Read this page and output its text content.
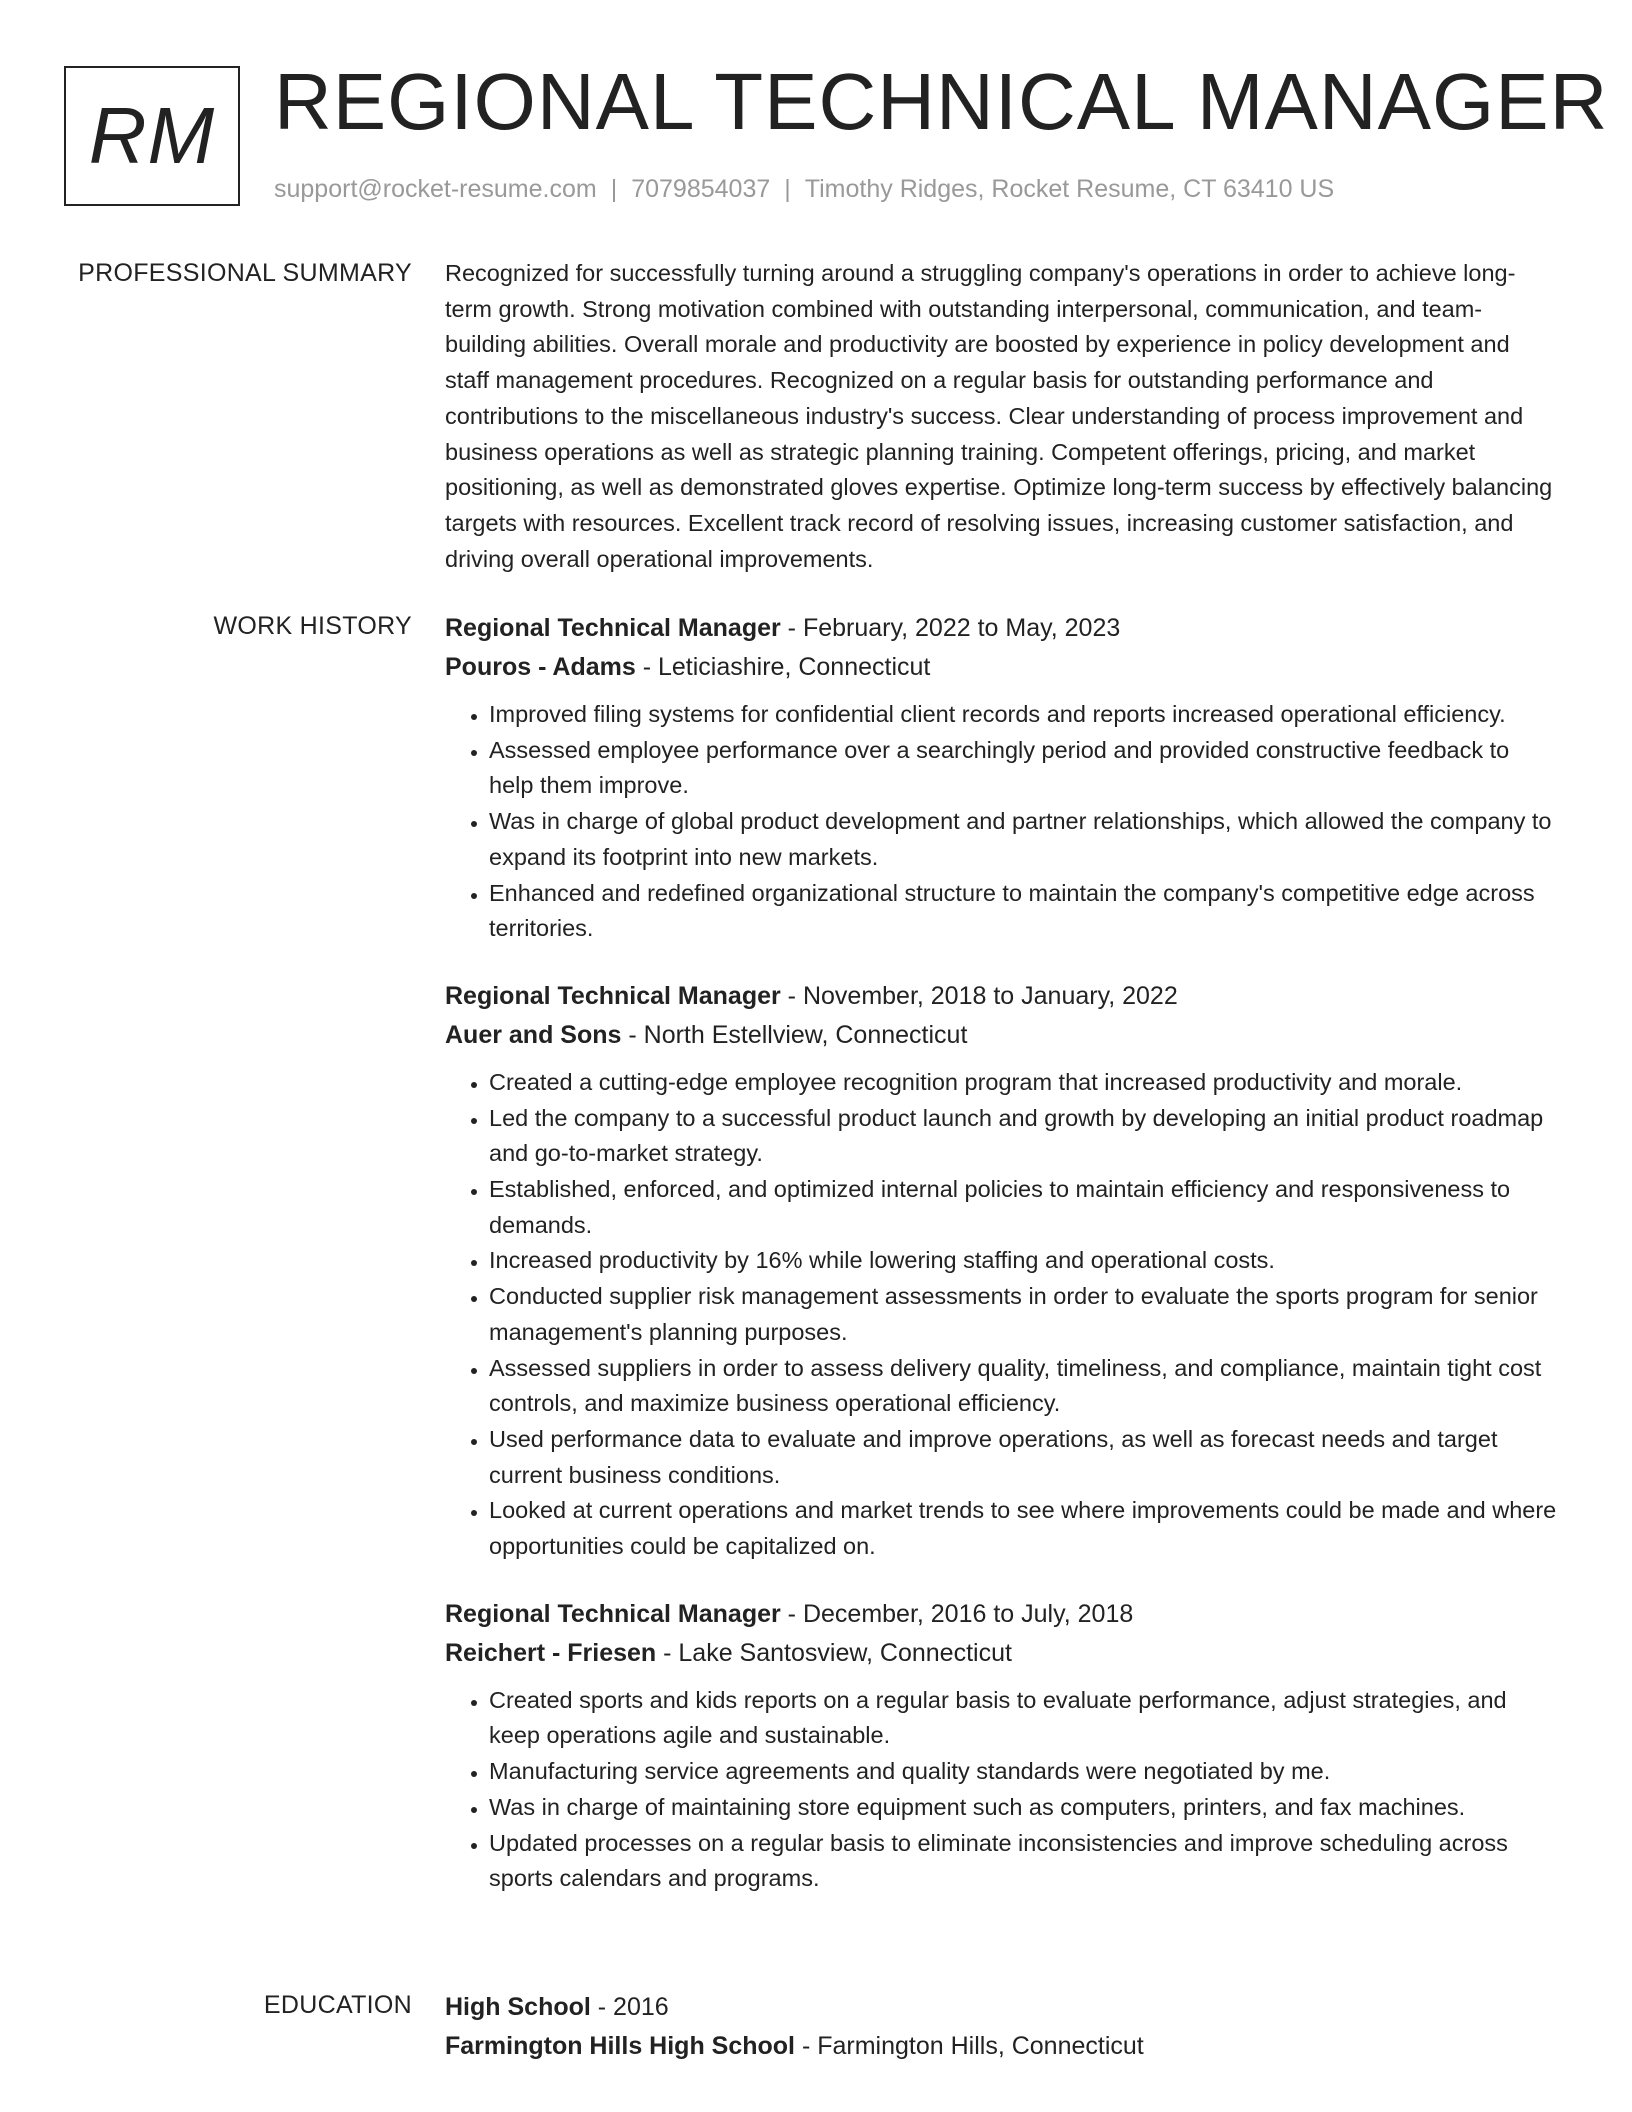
RM REGIONAL TECHNICAL MANAGER
support@rocket-resume.com | 7079854037 | Timothy Ridges, Rocket Resume, CT 63410 US
PROFESSIONAL SUMMARY Recognized for successfully turning around a struggling company's operations in order to achieve long-term growth. Strong motivation combined with outstanding interpersonal, communication, and team-building abilities. Overall morale and productivity are boosted by experience in policy development and staff management procedures. Recognized on a regular basis for outstanding performance and contributions to the miscellaneous industry's success. Clear understanding of process improvement and business operations as well as strategic planning training. Competent offerings, pricing, and market positioning, as well as demonstrated gloves expertise. Optimize long-term success by effectively balancing targets with resources. Excellent track record of resolving issues, increasing customer satisfaction, and driving overall operational improvements.

WORK HISTORY Regional Technical Manager - February, 2022 to May, 2023
Pouros - Adams - Leticiashire, Connecticut
• Improved filing systems for confidential client records and reports increased operational efficiency.
• Assessed employee performance over a searchingly period and provided constructive feedback to help them improve.
• Was in charge of global product development and partner relationships, which allowed the company to expand its footprint into new markets.
• Enhanced and redefined organizational structure to maintain the company's competitive edge across territories.
Regional Technical Manager - November, 2018 to January, 2022
Auer and Sons - North Estellview, Connecticut
• Created a cutting-edge employee recognition program that increased productivity and morale.
• Led the company to a successful product launch and growth by developing an initial product roadmap and go-to-market strategy.
• Established, enforced, and optimized internal policies to maintain efficiency and responsiveness to demands.
• Increased productivity by 16% while lowering staffing and operational costs.
• Conducted supplier risk management assessments in order to evaluate the sports program for senior management's planning purposes.
• Assessed suppliers in order to assess delivery quality, timeliness, and compliance, maintain tight cost controls, and maximize business operational efficiency.
• Used performance data to evaluate and improve operations, as well as forecast needs and target current business conditions.
• Looked at current operations and market trends to see where improvements could be made and where opportunities could be capitalized on.
Regional Technical Manager - December, 2016 to July, 2018
Reichert - Friesen - Lake Santosview, Connecticut
• Created sports and kids reports on a regular basis to evaluate performance, adjust strategies, and keep operations agile and sustainable.
• Manufacturing service agreements and quality standards were negotiated by me.
• Was in charge of maintaining store equipment such as computers, printers, and fax machines.
• Updated processes on a regular basis to eliminate inconsistencies and improve scheduling across sports calendars and programs.
EDUCATION High School - 2016
Farmington Hills High School - Farmington Hills, Connecticut
